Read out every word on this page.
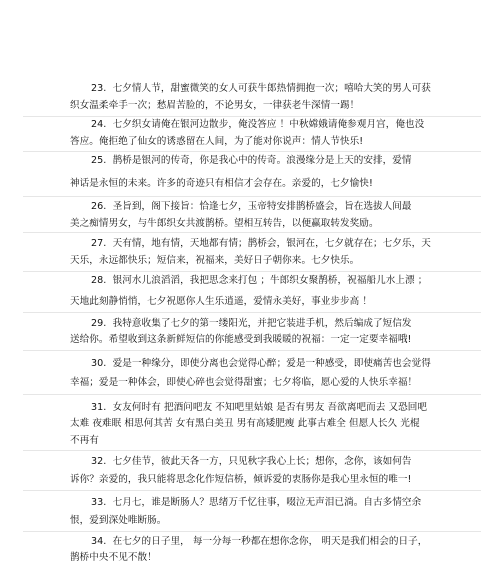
23. 七夕情人节，甜蜜微笑的女人可获牛郎热情拥抱一次；嘻哈大笑的男人可获
织女温柔牵手一次；愁眉苦脸的，不论男女，一律获老牛深情一踢！
24. 七夕织女请俺在银河边散步，俺没答应 ！中秋嫦娥请俺参观月宫，俺也没
答应。俺拒绝了仙女的诱惑留在人间，为了能对你说声：情人节快乐!
25. 鹊桥是银河的传奇，你是我心中的传奇。浪漫缘分是上天的安排，爱情
神话是永恒的未来。许多的奇迹只有相信才会存在。亲爱的，七夕愉快!
26. 圣旨到，阁下接旨：恰逢七夕，玉帝特安排鹊桥盛会，旨在选拔人间最
美之痴情男女，与牛郎织女共渡鹊桥。望相互转告，以便赢取转发奖励。
27. 天有情，地有情，天地都有情；鹊桥会，银河在，七夕就存在；七夕乐，天
天乐，永远都快乐；短信来，祝福来，美好日子朝你来。七夕快乐。
28. 银河水儿浪滔滔，我把思念来打包 ；牛郎织女聚鹊桥，祝福船儿水上漂 ；
天地此刻静悄悄，七夕祝愿你人生乐逍遥，爱情永美好，事业步步高 ！
29. 我特意收集了七夕的第一缕阳光，并把它装进手机，然后编成了短信发
送给你。希望收到这条新鲜短信的你能感受到我暖暖的祝福：一定一定要幸福哦!
30. 爱是一种缘分，即使分离也会觉得心醉；爱是一种感受，即使痛苦也会觉得
幸福；爱是一种体会，即使心碎也会觉得甜蜜；七夕将临，愿心爱的人快乐幸福！
31. 女友何时有 把酒问吧友 不知吧里姑娘 是否有男友 吾欲离吧而去 又恐回吧
太难 夜难眠 相思何其苦 女有黑白美丑 男有高矮肥瘦 此事古难全 但愿人长久 光棍
不再有
32. 七夕佳节，彼此天各一方，只见秋字我心上长；想你，念你，该如何告
诉你？亲爱的，我只能将思念化作短信桥，倾诉爱的衷肠你是我心里永恒的唯一!
33. 七月七，谁是断肠人？思绪万千忆往事，啜泣无声泪已淌。自古多情空余
恨，爱到深处唯断肠。
34. 在七夕的日子里， 每一分每一秒都在想你念你， 明天是我们相会的日子，
鹊桥中央不见不散！
